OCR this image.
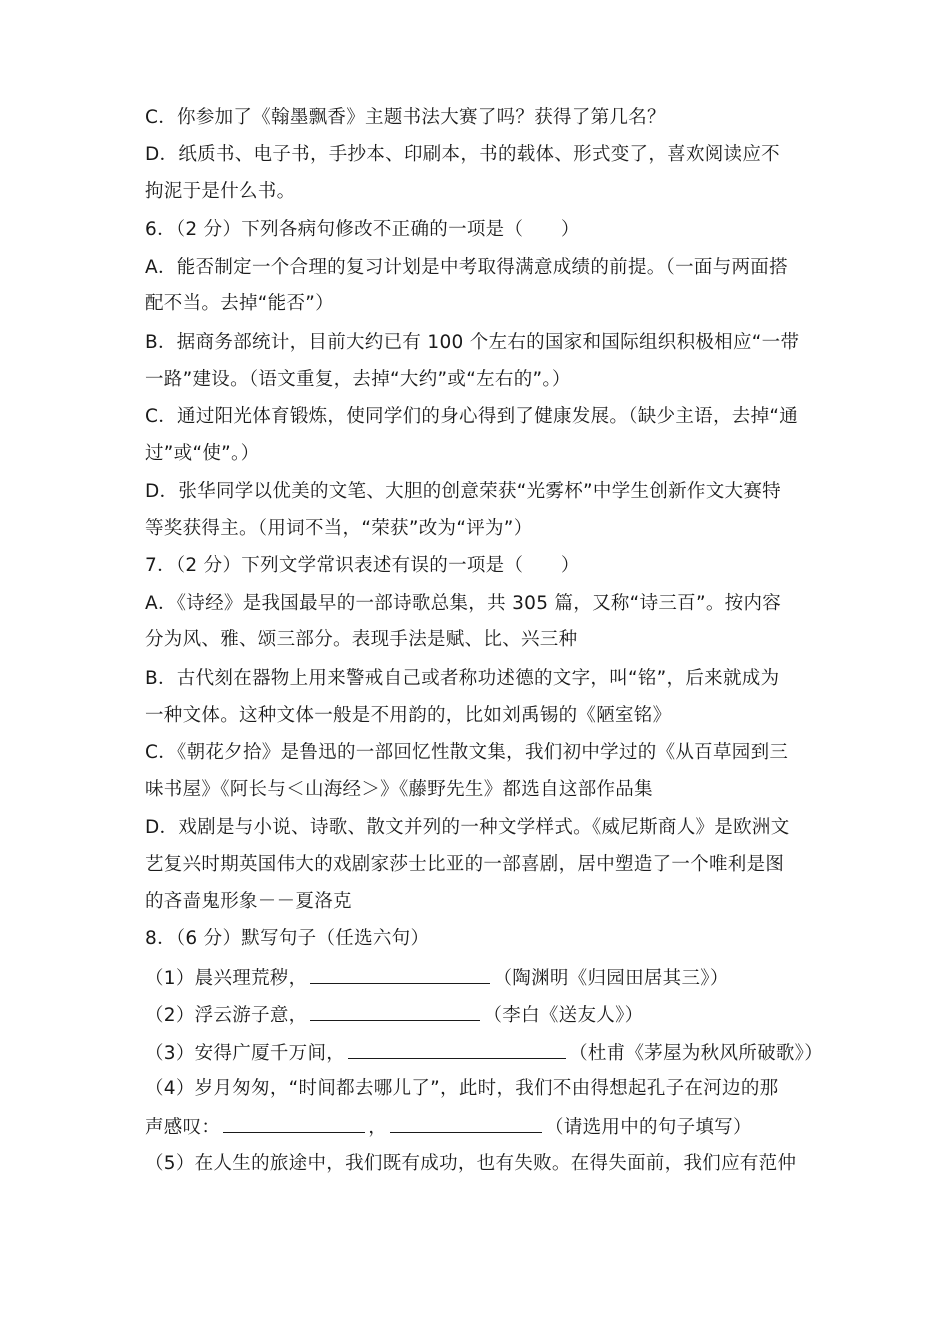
C．你参加了《翰墨飘香》主题书法大赛了吗？获得了第几名？
D．纸质书、电子书，手抄本、印刷本，书的载体、形式变了，喜欢阅读应不
拘泥于是什么书。
6．（2 分）下列各病句修改不正确的一项是（　　）
A．能否制定一个合理的复习计划是中考取得满意成绩的前提。（一面与两面搭
配不当。去掉“能否”）
B．据商务部统计，目前大约已有 100 个左右的国家和国际组织积极相应“一带
一路”建设。（语文重复，去掉“大约”或“左右的”。）
C．通过阳光体育锻炼，使同学们的身心得到了健康发展。（缺少主语，去掉“通
过”或“使”。）
D．张华同学以优美的文笔、大胆的创意荣获“光雾杯”中学生创新作文大赛特
等奖获得主。（用词不当，“荣获”改为“评为”）
7．（2 分）下列文学常识表述有误的一项是（　　）
A．《诗经》是我国最早的一部诗歌总集，共 305 篇，又称“诗三百”。按内容
分为风、雅、颂三部分。表现手法是赋、比、兴三种
B．古代刻在器物上用来警戒自己或者称功述德的文字，叫“铭”，后来就成为
一种文体。这种文体一般是不用韵的，比如刘禹锡的《陋室铭》
C．《朝花夕拾》是鲁迅的一部回忆性散文集，我们初中学过的《从百草园到三
味书屋》《阿长与＜山海经＞》《藤野先生》都选自这部作品集
D．戏剧是与小说、诗歌、散文并列的一种文学样式。《威尼斯商人》是欧洲文
艺复兴时期英国伟大的戏剧家莎士比亚的一部喜剧，居中塑造了一个唯利是图
的吝啬鬼形象－－夏洛克
8．（6 分）默写句子（任选六句）
（1）晨兴理荒秽，	（陶渊明《归园田居其三》）
（2）浮云游子意，	（李白《送友人》）
（3）安得广厦千万间，	（杜甫《茅屋为秋风所破歌》）
（4）岁月匆匆，“时间都去哪儿了”，此时，我们不由得想起孔子在河边的那
声感叹：	，	（请选用中的句子填写）
（5）在人生的旅途中，我们既有成功，也有失败。在得失面前，我们应有范仲
